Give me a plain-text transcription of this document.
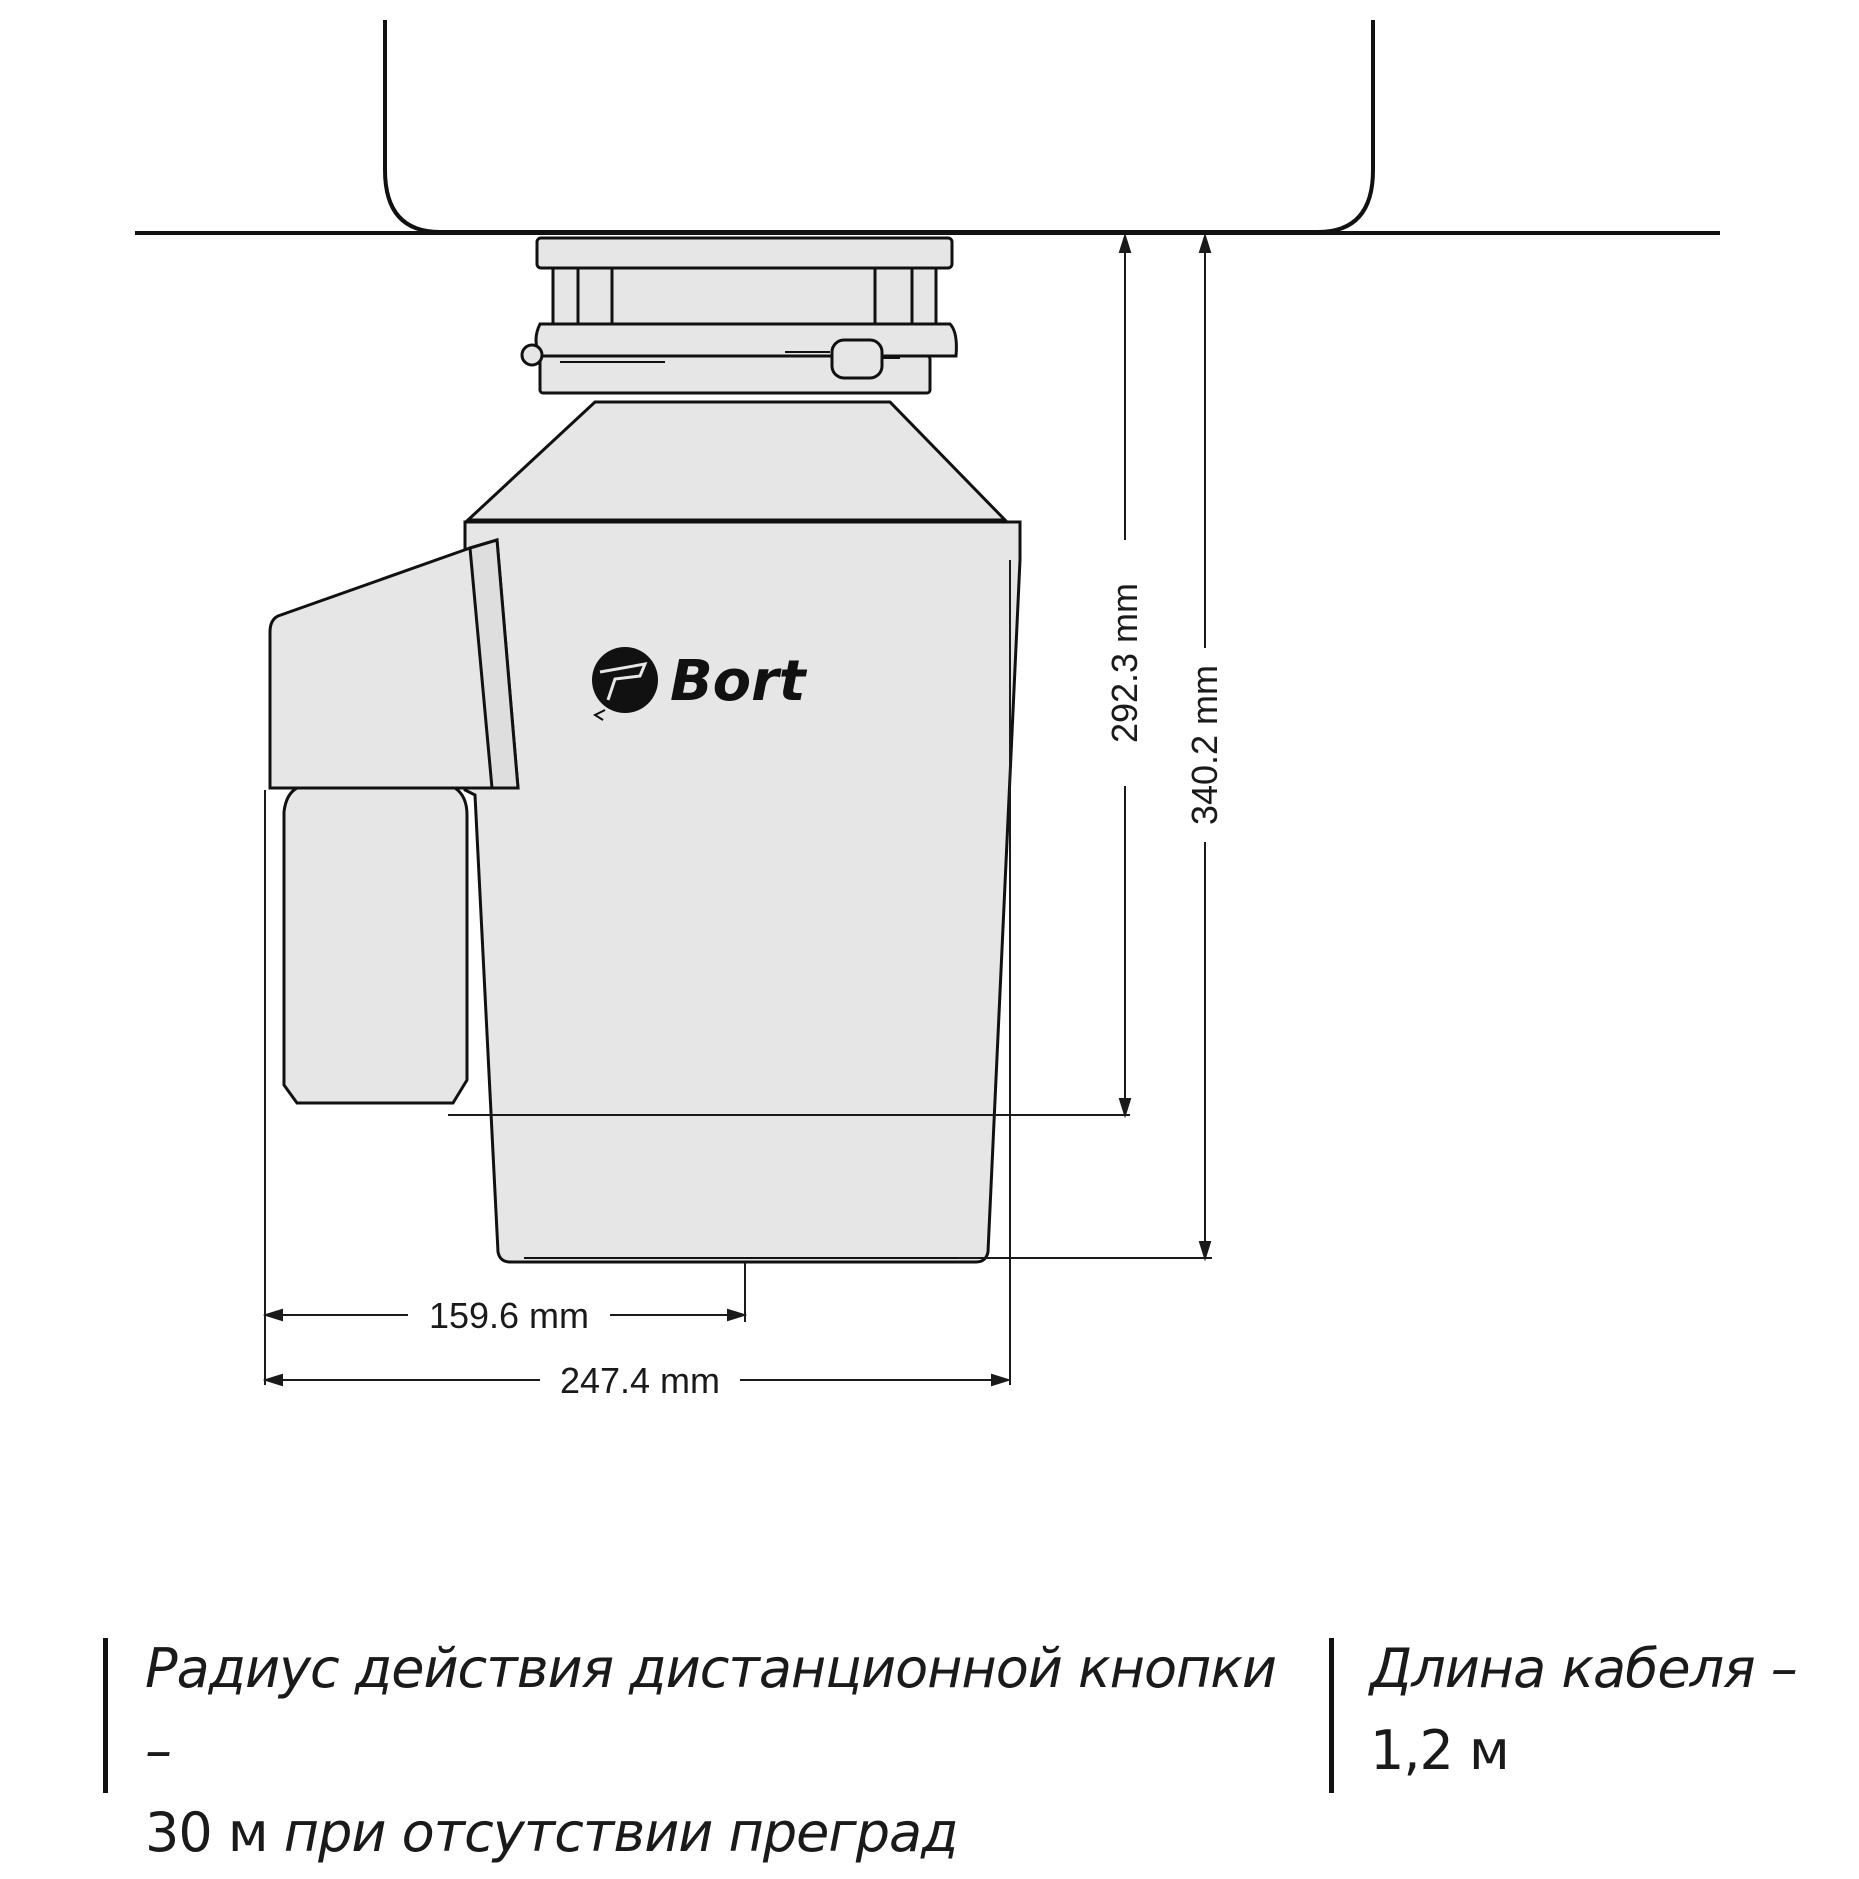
Bort	292.3 mm
340.2 mm
159.6 mm
247.4 mm
Радиус действия дистанционной кнопки –
30 м при отсутствии преград
Длина кабеля –
1,2 м
